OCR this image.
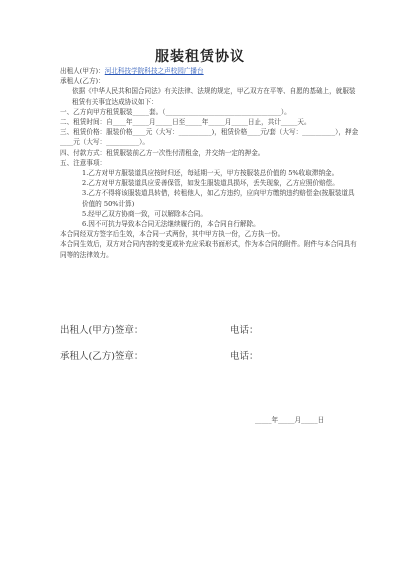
服装租赁协议
出租人(甲方)：河北科技学院科技之声校园广播台
承租人(乙方)：
依据《中华人民共和国合同法》有关法律、法规的规定，甲乙双方在平等、自愿的基础上，就服装租赁有关事宜达成协议如下：
一、乙方向甲方租赁服装_____套。（___________________________________）。
二、租赁时间：自____年_____月_____日至_____年_____月_____日止，共计_____天。
三、租赁价格：服装价格____元（大写：__________)，租赁价格____元/套（大写：__________），押金____元（大写：__________）。
四、付款方式：租赁服装前乙方一次性付清租金，并交纳一定的押金。
五、注意事项：
1.乙方对甲方服装道具应按时归还，每延期一天，甲方按服装总价值的 5%收取滞纳金。
2.乙方对甲方服装道具应妥善保管，如发生服装道具损坏，丢失现象，乙方应照价赔偿。
3.乙方不得将该服装道具转借，转租他人，如乙方违约，应向甲方缴纳违约赔偿金(按服装道具价值的 50%计算)
5.经甲乙双方协商一致，可以解除本合同。
6.因不可抗力导致本合同无法继续履行的，本合同自行解除。
本合同经双方签字后生效，本合同一式两份，其中甲方执一份，乙方执一份。
本合同生效后，双方对合同内容的变更或补充应采取书面形式，作为本合同的附件。附件与本合同具有同等的法律效力。
出租人(甲方)签章：	电话：
承租人(乙方)签章：	电话：
_____年_____月_____日
